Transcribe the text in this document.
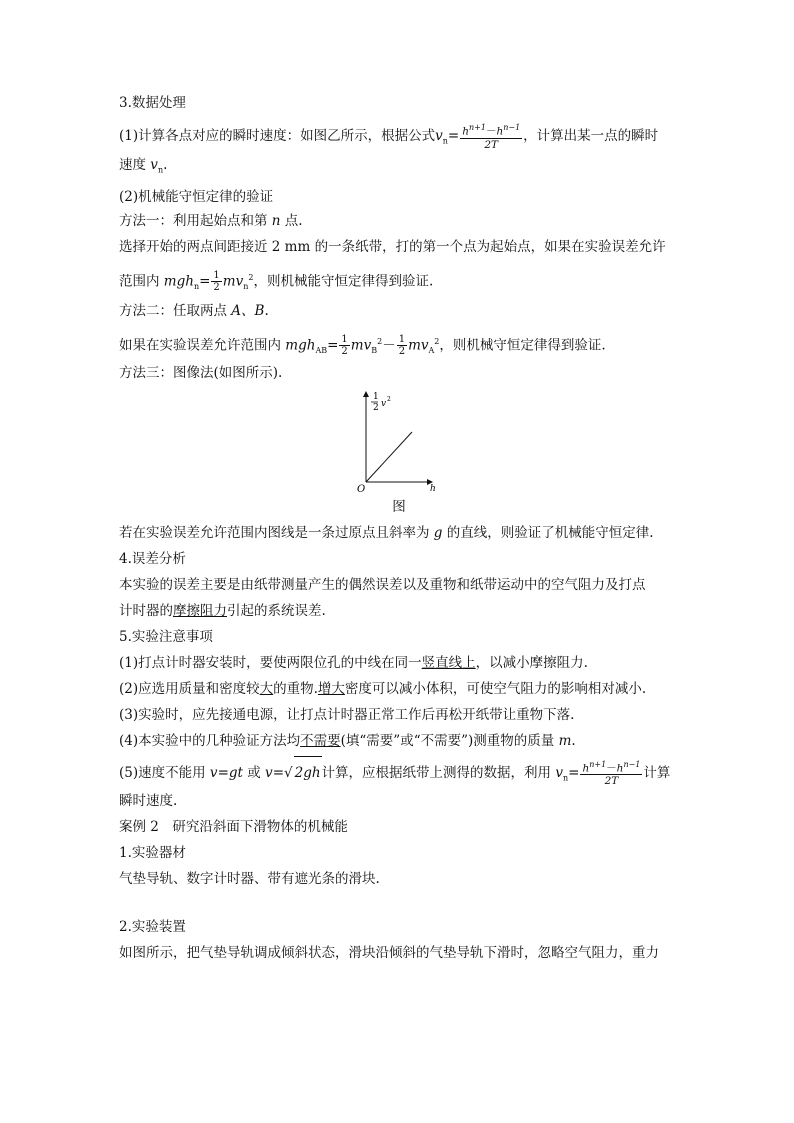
3.数据处理
(1)计算各点对应的瞬时速度：如图乙所示，根据公式$v_n= \frac{h^{n+1}-h^{n-1}}{2T}$ ，计算出某一点的瞬时
速度 $v_n$.
(2)机械能守恒定律的验证
方法一：利用起始点和第 n 点.
选择开始的两点间距接近 2 mm 的一条纸带，打的第一个点为起始点，如果在实验误差允许
范围内 $mgh_n= \frac{1}{2} mv_n^2$，则机械能守恒定律得到验证.
方法二：任取两点 A、B.
如果在实验误差允许范围内 $mgh_{AB}= \frac{1}{2} mv_B^2- \frac{1}{2} mv_A^2$，则机械守恒定律得到验证.
方法三：图像法(如图所示).
1
2 v 2
O	h
图
若在实验误差允许范围内图线是一条过原点且斜率为 g 的直线，则验证了机械能守恒定律.
4.误差分析
本实验的误差主要是由纸带测量产生的偶然误差以及重物和纸带运动中的空气阻力及打点
计时器的摩擦阻力引起的系统误差.
5.实验注意事项
(1)打点计时器安装时，要使两限位孔的中线在同一竖直线上，以减小摩擦阻力.
(2)应选用质量和密度较大的重物.增大密度可以减小体积，可使空气阻力的影响相对减小.
(3)实验时，应先接通电源，让打点计时器正常工作后再松开纸带让重物下落.
(4)本实验中的几种验证方法均不需要(填“需要”或“不需要”)测重物的质量 m.
(5)速度不能用 v=gt 或 v=√ 2gh计算，应根据纸带上测得的数据，利用 $v_n= \frac{h^{n+1}-h^{n-1}}{2T}$ 计算
瞬时速度.
案例 2　研究沿斜面下滑物体的机械能
1.实验器材
气垫导轨、数字计时器、带有遮光条的滑块.
2.实验装置
如图所示，把气垫导轨调成倾斜状态，滑块沿倾斜的气垫导轨下滑时，忽略空气阻力，重力
